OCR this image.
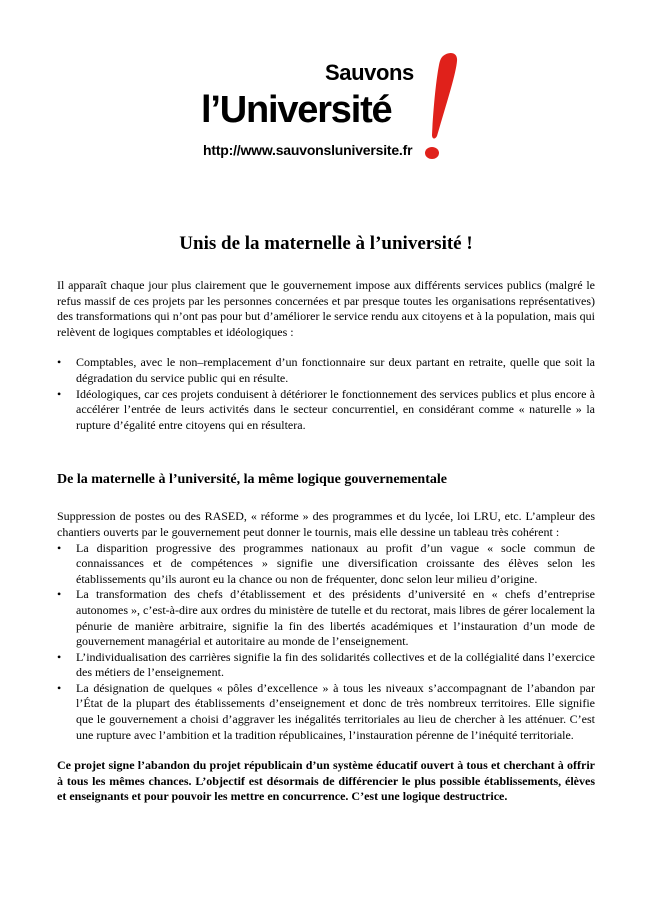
Sauvons
l’Université
http://www.sauvonsluniversite.fr
Unis de la maternelle à l’université !

Il apparaît chaque jour plus clairement que le gouvernement impose aux différents services publics (malgré le refus massif de ces projets par les personnes concernées et par presque toutes les organisations représentatives) des transformations qui n’ont pas pour but d’améliorer le service rendu aux citoyens et à la population, mais qui relèvent de logiques comptables et idéologiques :

• Comptables, avec le non–remplacement d’un fonctionnaire sur deux partant en retraite, quelle que soit la dégradation du service public qui en résulte.
• Idéologiques, car ces projets conduisent à détériorer le fonctionnement des services publics et plus encore à accélérer l’entrée de leurs activités dans le secteur concurrentiel, en considérant comme « naturelle » la rupture d’égalité entre citoyens qui en résultera.
De la maternelle à l’université, la même logique gouvernementale

Suppression de postes ou des RASED, « réforme » des programmes et du lycée, loi LRU, etc. L’ampleur des chantiers ouverts par le gouvernement peut donner le tournis, mais elle dessine un tableau très cohérent :

• La disparition progressive des programmes nationaux au profit d’un vague « socle commun de connaissances et de compétences » signifie une diversification croissante des élèves selon les établissements qu’ils auront eu la chance ou non de fréquenter, donc selon leur milieu d’origine.
• La transformation des chefs d’établissement et des présidents d’université en « chefs d’entreprise autonomes », c’est-à-dire aux ordres du ministère de tutelle et du rectorat, mais libres de gérer localement la pénurie de manière arbitraire, signifie la fin des libertés académiques et l’instauration d’un mode de gouvernement managérial et autoritaire au monde de l’enseignement.
• L’individualisation des carrières signifie la fin des solidarités collectives et de la collégialité dans l’exercice des métiers de l’enseignement.
• La désignation de quelques « pôles d’excellence » à tous les niveaux s’accompagnant de l’abandon par l’État de la plupart des établissements d’enseignement et donc de très nombreux territoires. Elle signifie que le gouvernement a choisi d’aggraver les inégalités territoriales au lieu de chercher à les atténuer. C’est une rupture avec l’ambition et la tradition républicaines, l’instauration pérenne de l’inéquité territoriale.

Ce projet signe l’abandon du projet républicain d’un système éducatif ouvert à tous et cherchant à offrir à tous les mêmes chances. L’objectif est désormais de différencier le plus possible établissements, élèves et enseignants et pour pouvoir les mettre en concurrence. C’est une logique destructrice.
